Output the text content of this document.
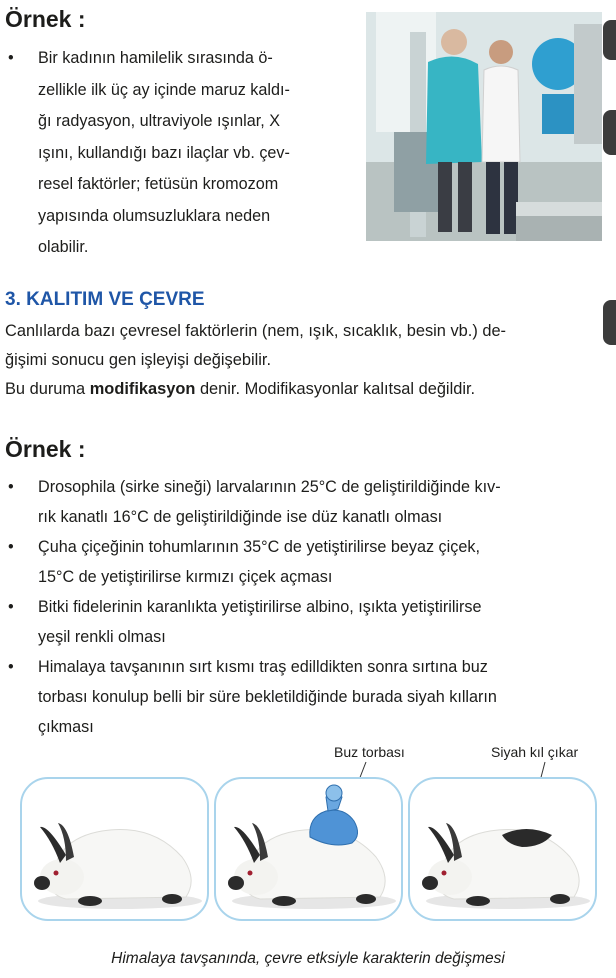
Örnek :
• Bir kadının hamilelik sırasında ö-
zellikle ilk üç ay içinde maruz kaldı-
ğı radyasyon, ultraviyole ışınlar, X
ışını, kullandığı bazı ilaçlar vb. çev-
resel faktörler; fetüsün kromozom
yapısında olumsuzluklara neden
olabilir.
3. KALITIM VE ÇEVRE
Canlılarda bazı çevresel faktörlerin (nem, ışık, sıcaklık, besin vb.) de-
ğişimi sonucu gen işleyişi değişebilir.
Bu duruma modifikasyon denir. Modifikasyonlar kalıtsal değildir.
Örnek :
• Drosophila (sirke sineği) larvalarının 25°C de geliştirildiğinde kıv-
rık kanatlı 16°C de geliştirildiğinde ise düz kanatlı olması
• Çuha çiçeğinin tohumlarının 35°C de yetiştirilirse beyaz çiçek,
15°C de yetiştirilirse kırmızı çiçek açması
• Bitki fidelerinin karanlıkta yetiştirilirse albino, ışıkta yetiştirilirse
yeşil renkli olması
• Himalaya tavşanının sırt kısmı traş edilldikten sonra sırtına buz
torbası konulup belli bir süre bekletildiğinde burada siyah kılların
çıkması
Buz torbası	Siyah kıl çıkar
Himalaya tavşanında, çevre etksiyle karakterin değişmesi
